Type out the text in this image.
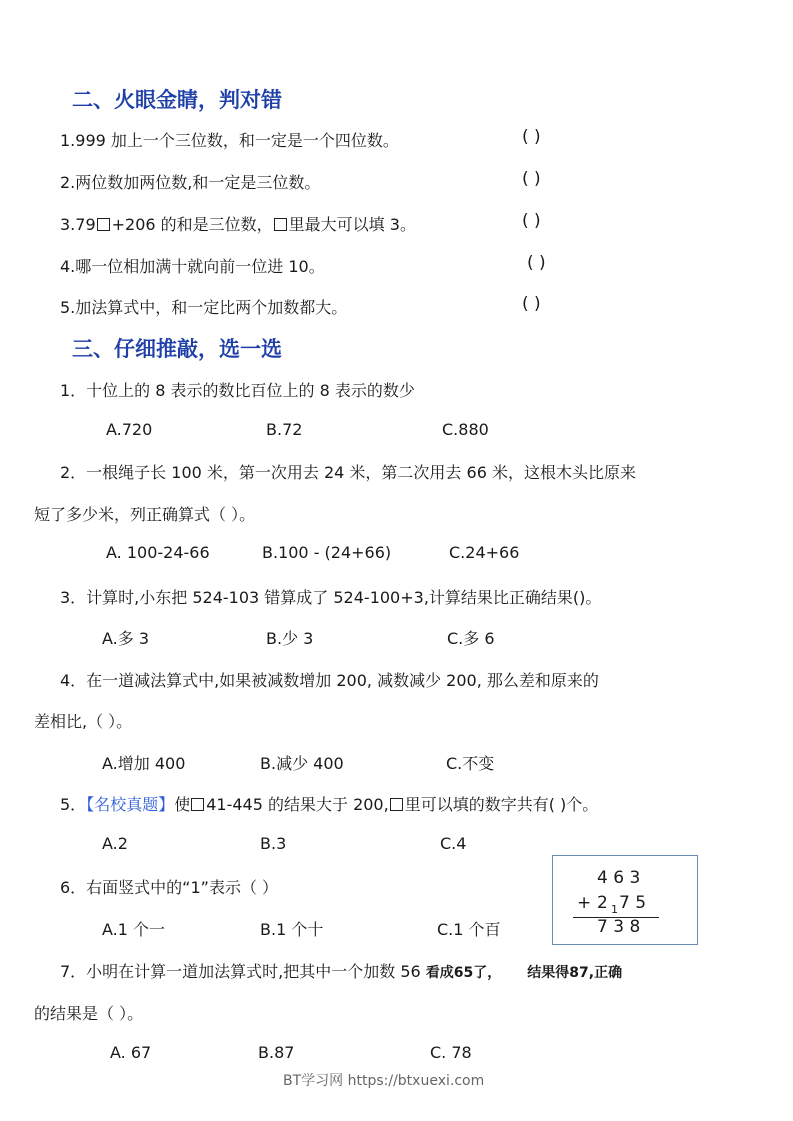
二、火眼金睛，判对错
1.999 加上一个三位数，和一定是一个四位数。	( )
2.两位数加两位数,和一定是三位数。	( )
3.79 +206 的和是三位数， 里最大可以填 3。	( )
4.哪一位相加满十就向前一位进 10。	( )
5.加法算式中，和一定比两个加数都大。	( )
三、仔细推敲，选一选
1．十位上的 8 表示的数比百位上的 8 表示的数少
A.720	B.72	C.880
2．一根绳子长 100 米，第一次用去 24 米，第二次用去 66 米，这根木头比原来
短了多少米，列正确算式（ ）。
A. 100-24-66	B.100 - (24+66)	C.24+66
3．计算时,小东把 524-103 错算成了 524-100+3,计算结果比正确结果()。
A.多 3	B.少 3	C.多 6
4．在一道减法算式中,如果被减数增加 200, 减数减少 200, 那么差和原来的
差相比,（ ）。
A.增加 400	B.减少 400	C.不变
5．【名校真题】使 41-445 的结果大于 200, 里可以填的数字共有( )个。
A.2	B.3	C.4
6．右面竖式中的“1”表示（ ）
A.1 个一	B.1 个十	C.1 个百
4 6 3
+ 2 1 7 5
7 3 8
7．小明在计算一道加法算式时,把其中一个加数 56 看成65了， 结果得87,正确
的结果是（ ）。
A. 67	B.87	C. 78
BT学习网 https://btxuexi.com
